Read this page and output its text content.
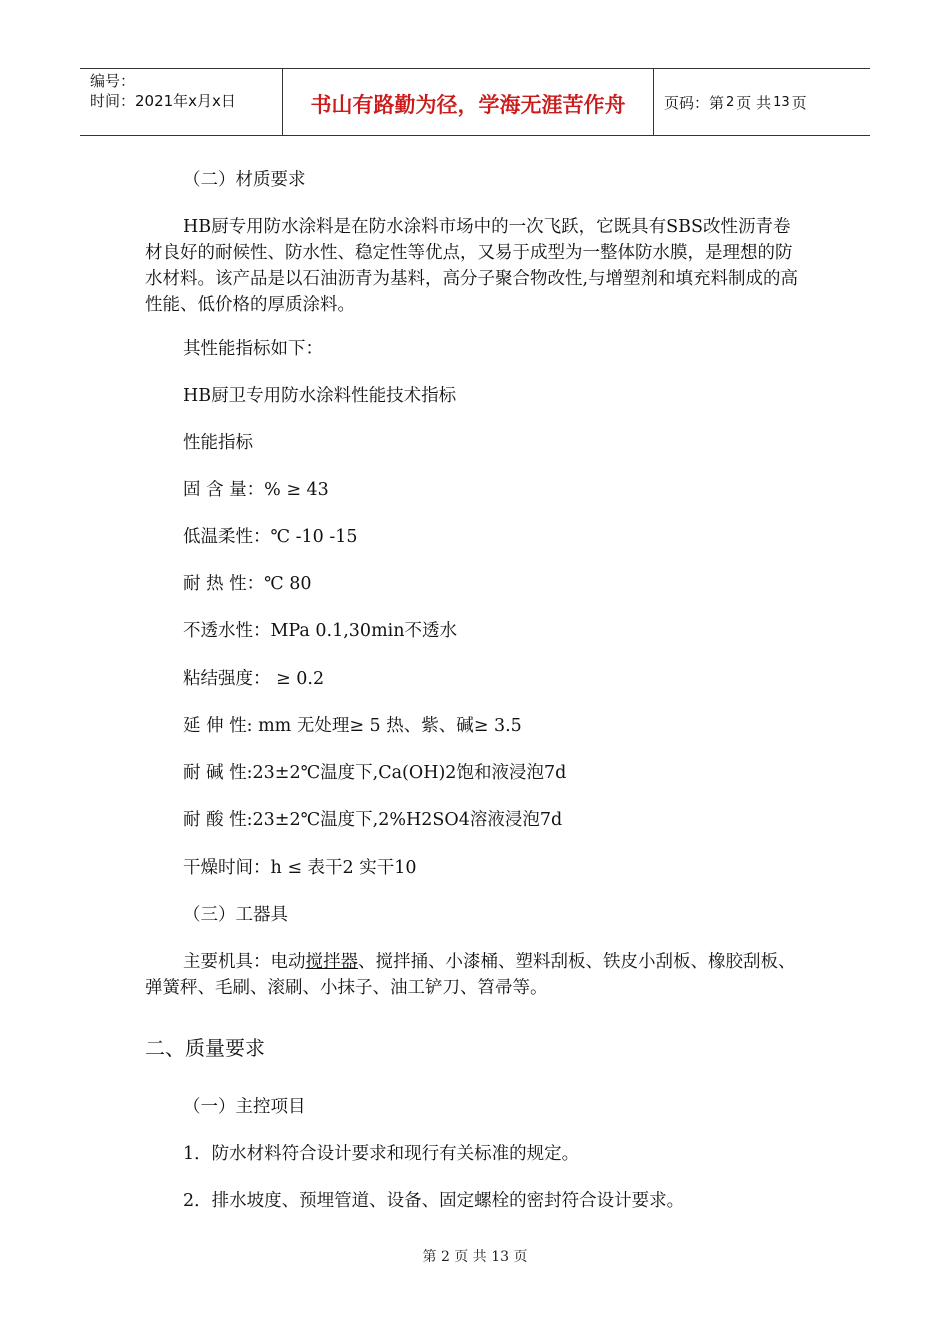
编号：
时间：2021年x月x日	书山有路勤为径，学海无涯苦作舟	页码：第 2 页 共 13 页
（二）材质要求
HB厨专用防水涂料是在防水涂料市场中的一次飞跃，它既具有SBS改性沥青卷材良好的耐候性、防水性、稳定性等优点，又易于成型为一整体防水膜，是理想的防水材料。该产品是以石油沥青为基料，高分子聚合物改性,与增塑剂和填充料制成的高性能、低价格的厚质涂料。
其性能指标如下：
HB厨卫专用防水涂料性能技术指标
性能指标
固 含 量：% ≥ 43
低温柔性：℃ -10 -15
耐 热 性：℃ 80
不透水性：MPa 0.1,30min不透水
粘结强度： ≥ 0.2
延 伸 性: mm 无处理≥ 5 热、紫、碱≥ 3.5
耐 碱 性:23±2℃温度下,Ca(OH)2饱和液浸泡7d
耐 酸 性:23±2℃温度下,2%H2SO4溶液浸泡7d
干燥时间：h ≤ 表干2 实干10
（三）工器具
主要机具：电动搅拌器、搅拌捅、小漆桶、塑料刮板、铁皮小刮板、橡胶刮板、弹簧秤、毛刷、滚刷、小抹子、油工铲刀、笤帚等。
二、质量要求
（一）主控项目
1．防水材料符合设计要求和现行有关标准的规定。
2．排水坡度、预埋管道、设备、固定螺栓的密封符合设计要求。
第 2 页 共 13 页
